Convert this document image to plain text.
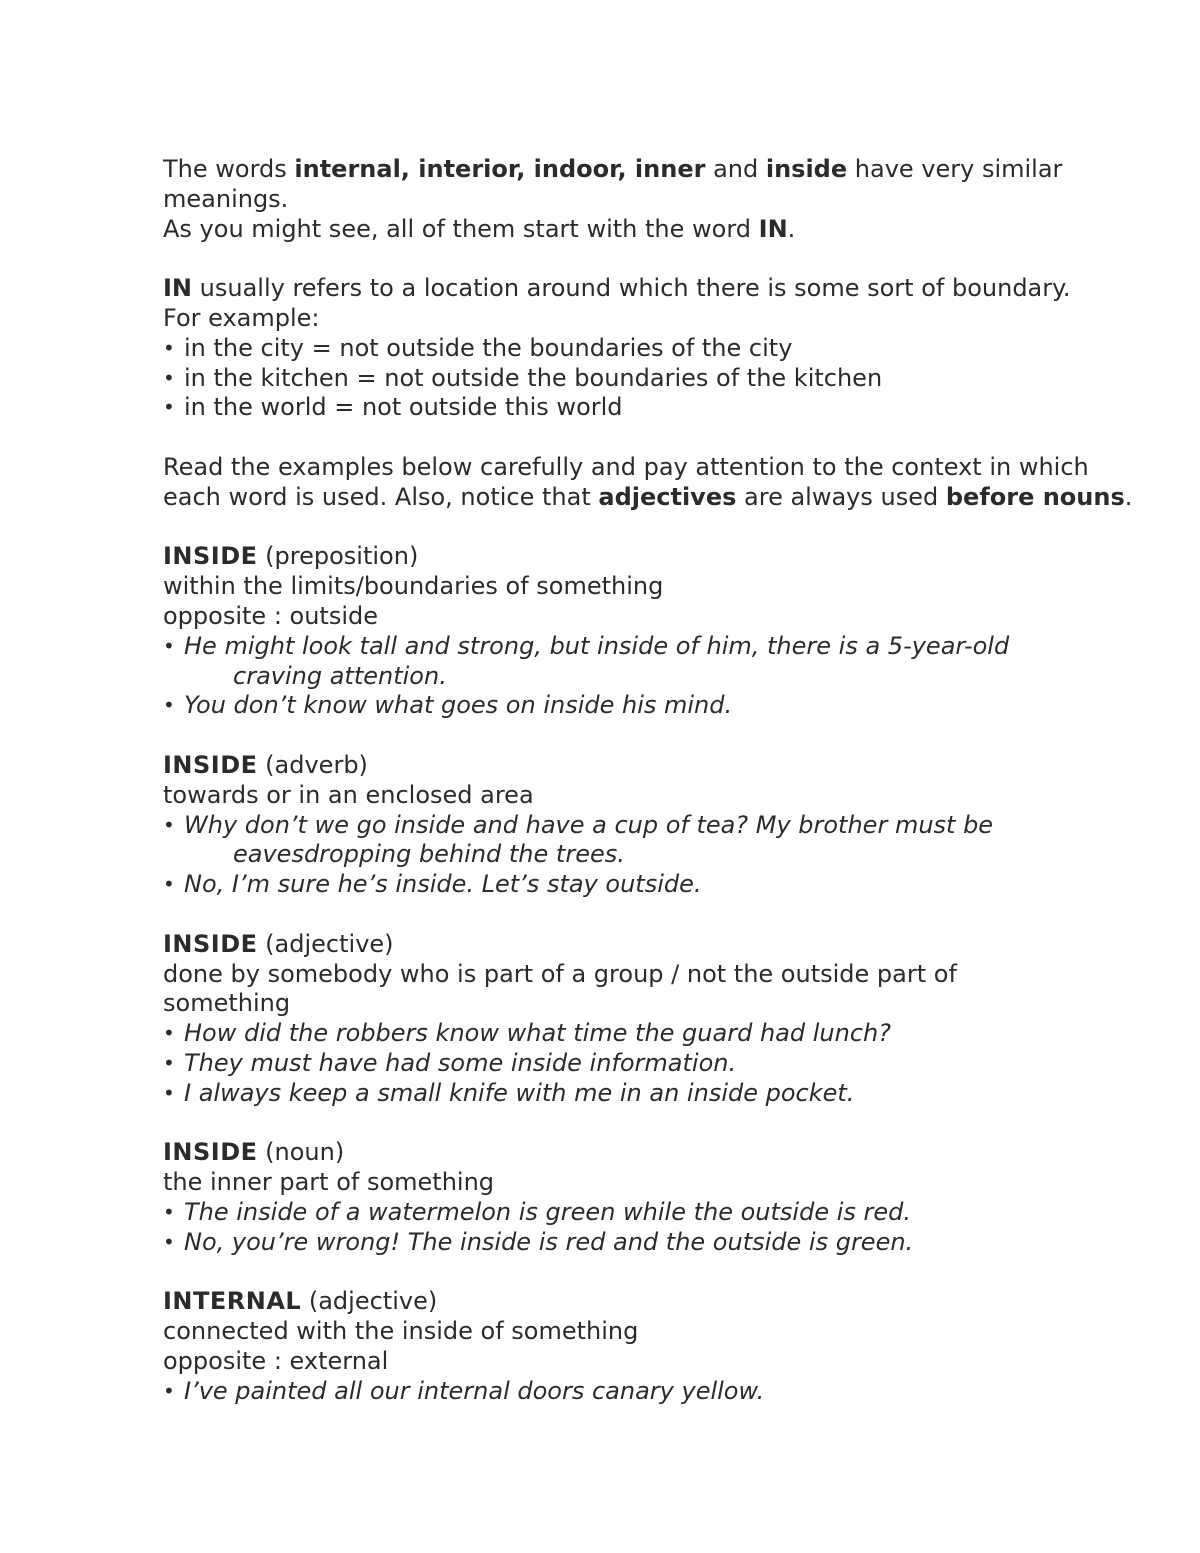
The words internal, interior, indoor, inner and inside have very similar meanings.

As you might see, all of them start with the word IN.

IN usually refers to a location around which there is some sort of boundary.

For example:

• in the city = not outside the boundaries of the city
• in the kitchen = not outside the boundaries of the kitchen
• in the world = not outside this world

Read the examples below carefully and pay attention to the context in which each word is used. Also, notice that adjectives are always used before nouns.

INSIDE (preposition)

within the limits/boundaries of something

opposite : outside

• He might look tall and strong, but inside of him, there is a 5-year-old

craving attention.

• You don’t know what goes on inside his mind.

INSIDE (adverb)

towards or in an enclosed area

• Why don’t we go inside and have a cup of tea? My brother must be

eavesdropping behind the trees.

• No, I’m sure he’s inside. Let’s stay outside.

INSIDE (adjective)

done by somebody who is part of a group / not the outside part of

something

• How did the robbers know what time the guard had lunch?
• They must have had some inside information.
• I always keep a small knife with me in an inside pocket.

INSIDE (noun)

the inner part of something

• The inside of a watermelon is green while the outside is red.
• No, you’re wrong! The inside is red and the outside is green.

INTERNAL (adjective)

connected with the inside of something

opposite : external

• I’ve painted all our internal doors canary yellow.
